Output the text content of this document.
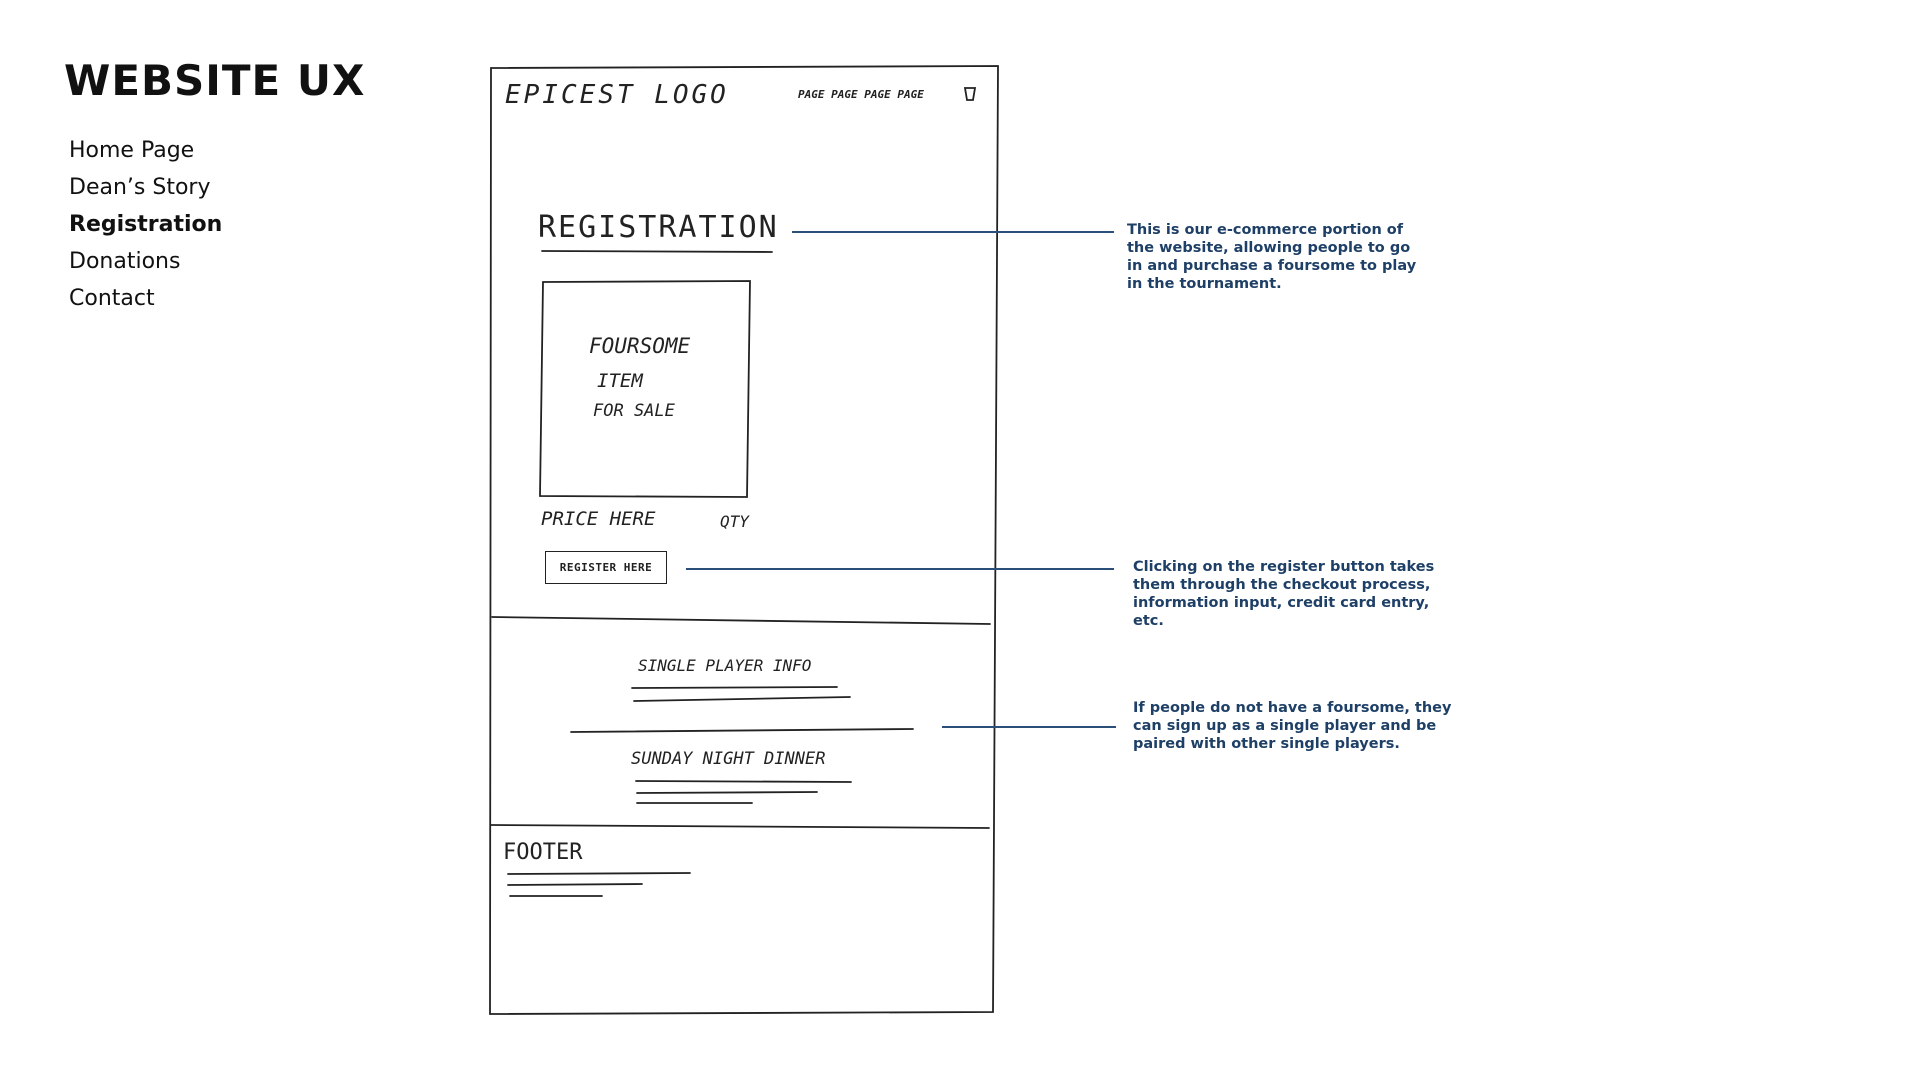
WEBSITE UX
Home Page
Dean’s Story
Registration
Donations
Contact
EPICEST LOGO	PAGE PAGE PAGE PAGE
REGISTRATION
FOURSOME
ITEM
FOR SALE
PRICE HERE	QTY
REGISTER HERE
SINGLE PLAYER INFO
SUNDAY NIGHT DINNER
FOOTER
This is our e-commerce portion of the website, allowing people to go in and purchase a foursome to play in the tournament.
Clicking on the register button takes them through the checkout process, information input, credit card entry, etc.
If people do not have a foursome, they can sign up as a single player and be paired with other single players.
